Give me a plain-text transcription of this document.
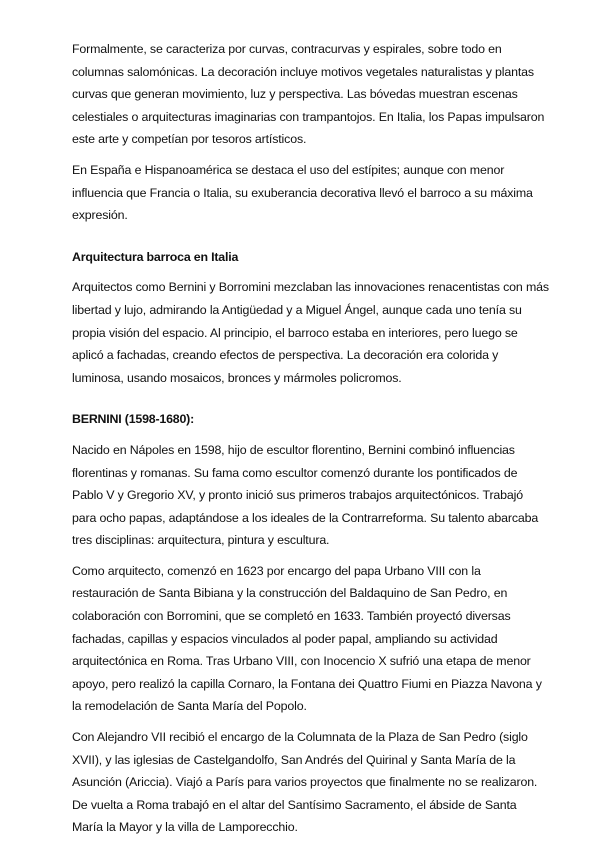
Formalmente, se caracteriza por curvas, contracurvas y espirales, sobre todo en columnas salomónicas. La decoración incluye motivos vegetales naturalistas y plantas curvas que generan movimiento, luz y perspectiva. Las bóvedas muestran escenas celestiales o arquitecturas imaginarias con trampantojos. En Italia, los Papas impulsaron este arte y competían por tesoros artísticos.

En España e Hispanoamérica se destaca el uso del estípites; aunque con menor influencia que Francia o Italia, su exuberancia decorativa llevó el barroco a su máxima expresión.

Arquitectura barroca en Italia

Arquitectos como Bernini y Borromini mezclaban las innovaciones renacentistas con más libertad y lujo, admirando la Antigüedad y a Miguel Ángel, aunque cada uno tenía su propia visión del espacio. Al principio, el barroco estaba en interiores, pero luego se aplicó a fachadas, creando efectos de perspectiva. La decoración era colorida y luminosa, usando mosaicos, bronces y mármoles policromos.

BERNINI (1598-1680):

Nacido en Nápoles en 1598, hijo de escultor florentino, Bernini combinó influencias florentinas y romanas. Su fama como escultor comenzó durante los pontificados de Pablo V y Gregorio XV, y pronto inició sus primeros trabajos arquitectónicos. Trabajó para ocho papas, adaptándose a los ideales de la Contrarreforma. Su talento abarcaba tres disciplinas: arquitectura, pintura y escultura.

Como arquitecto, comenzó en 1623 por encargo del papa Urbano VIII con la restauración de Santa Bibiana y la construcción del Baldaquino de San Pedro, en colaboración con Borromini, que se completó en 1633. También proyectó diversas fachadas, capillas y espacios vinculados al poder papal, ampliando su actividad arquitectónica en Roma. Tras Urbano VIII, con Inocencio X sufrió una etapa de menor apoyo, pero realizó la capilla Cornaro, la Fontana dei Quattro Fiumi en Piazza Navona y la remodelación de Santa María del Popolo.

Con Alejandro VII recibió el encargo de la Columnata de la Plaza de San Pedro (siglo XVII), y las iglesias de Castelgandolfo, San Andrés del Quirinal y Santa María de la Asunción (Ariccia). Viajó a París para varios proyectos que finalmente no se realizaron. De vuelta a Roma trabajó en el altar del Santísimo Sacramento, el ábside de Santa María la Mayor y la villa de Lamporecchio.
